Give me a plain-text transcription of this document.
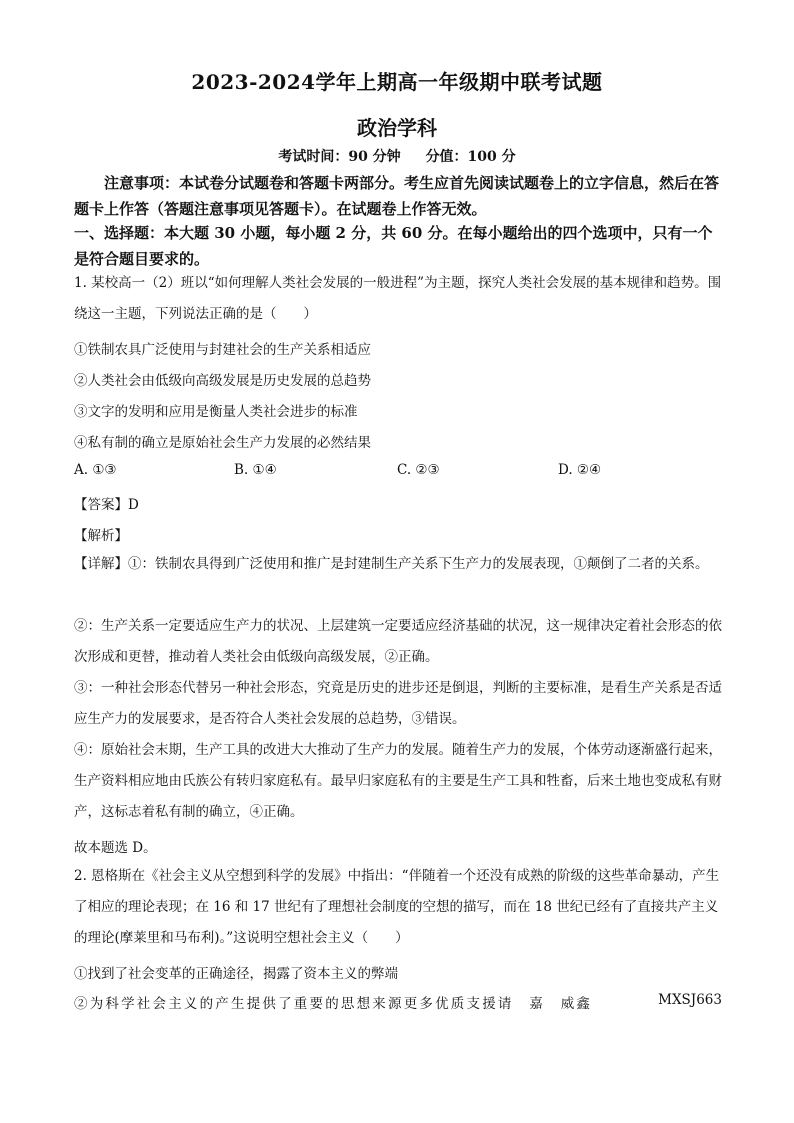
2023-2024学年上期高一年级期中联考试题
政治学科
考试时间：90 分钟 分值：100 分
注意事项：本试卷分试题卷和答题卡两部分。考生应首先阅读试题卷上的立字信息，然后在答题卡上作答（答题注意事项见答题卡）。在试题卷上作答无效。
一、选择题：本大题 30 小题，每小题 2 分，共 60 分。在每小题给出的四个选项中，只有一个是符合题目要求的。
1. 某校高一（2）班以“如何理解人类社会发展的一般进程”为主题，探究人类社会发展的基本规律和趋势。围绕这一主题，下列说法正确的是（　　）
①铁制农具广泛使用与封建社会的生产关系相适应
②人类社会由低级向高级发展是历史发展的总趋势
③文字的发明和应用是衡量人类社会进步的标准
④私有制的确立是原始社会生产力发展的必然结果
A. ①③	B. ①④	C. ②③	D. ②④
【答案】D
【解析】
【详解】①：铁制农具得到广泛使用和推广是封建制生产关系下生产力的发展表现，①颠倒了二者的关系。
②：生产关系一定要适应生产力的状况、上层建筑一定要适应经济基础的状况，这一规律决定着社会形态的依次形成和更替，推动着人类社会由低级向高级发展，②正确。
③：一种社会形态代替另一种社会形态，究竟是历史的进步还是倒退，判断的主要标准，是看生产关系是否适应生产力的发展要求，是否符合人类社会发展的总趋势，③错误。
④：原始社会末期，生产工具的改进大大推动了生产力的发展。随着生产力的发展，个体劳动逐渐盛行起来，生产资料相应地由氏族公有转归家庭私有。最早归家庭私有的主要是生产工具和牲畜，后来土地也变成私有财产，这标志着私有制的确立，④正确。
故本题选 D。
2. 恩格斯在《社会主义从空想到科学的发展》中指出：“伴随着一个还没有成熟的阶级的这些革命暴动，产生了相应的理论表现；在 16 和 17 世纪有了理想社会制度的空想的描写，而在 18 世纪已经有了直接共产主义的理论(摩莱里和马布利)。”这说明空想社会主义（　　）
①找到了社会变革的正确途径，揭露了资本主义的弊端
②为科学社会主义的产生提供了重要的思想来源更多优质支援请　嘉　威鑫	MXSJ663
